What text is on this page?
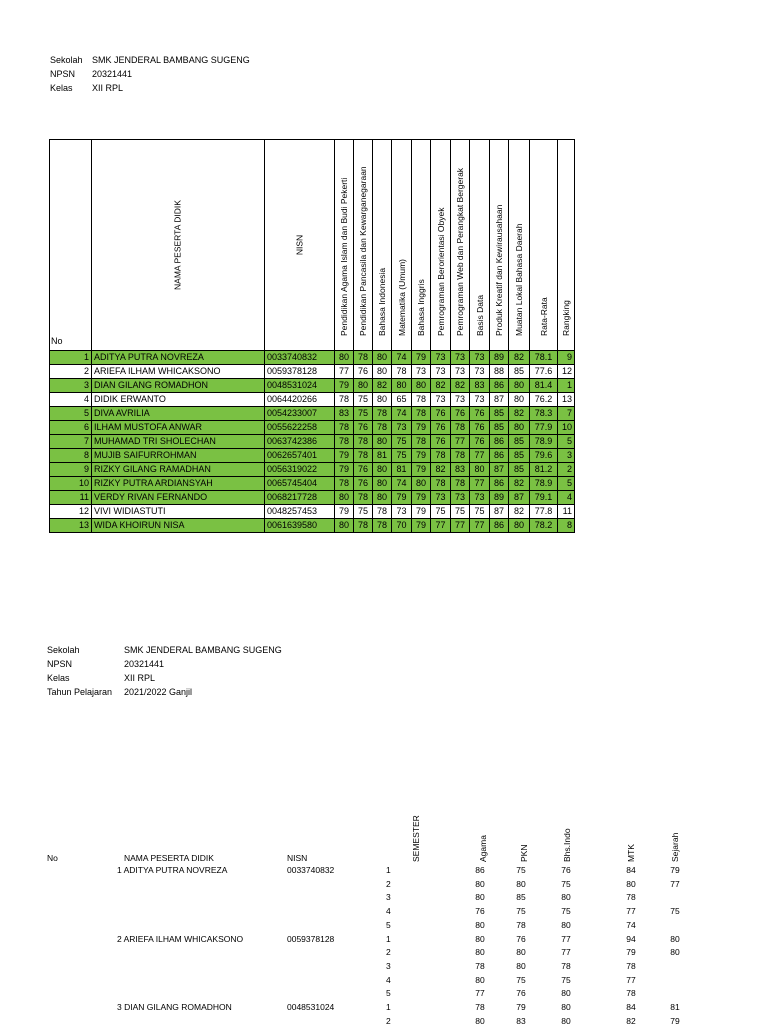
Sekolah	SMK JENDERAL BAMBANG SUGENG
NPSN	20321441
Kelas	XII RPL
No	NAMA PESERTA DIDIK	NISN	Pendidikan Agama Islam dan Budi Pekerti	Pendidikan Pancasila dan Kewarganegaraan	Bahasa Indonesia	Matematika (Umum)	Bahasa Inggris	Pemrograman Berorientasi Obyek	Pemrograman Web dan Perangkat Bergerak	Basis Data	Produk Kreatif dan Kewirausahaan	Muatan Lokal Bahasa Daerah	Rata-Rata	Rangking

1	ADITYA PUTRA NOVREZA	0033740832	80	78	80	74	79	73	73	73	89	82	78.1	9
2	ARIEFA ILHAM WHICAKSONO	0059378128	77	76	80	78	73	73	73	73	88	85	77.6	12
3	DIAN GILANG ROMADHON	0048531024	79	80	82	80	80	82	82	83	86	80	81.4	1
4	DIDIK ERWANTO	0064420266	78	75	80	65	78	73	73	73	87	80	76.2	13
5	DIVA AVRILIA	0054233007	83	75	78	74	78	76	76	76	85	82	78.3	7
6	ILHAM MUSTOFA ANWAR	0055622258	78	76	78	73	79	76	78	76	85	80	77.9	10
7	MUHAMAD TRI SHOLECHAN	0063742386	78	78	80	75	78	76	77	76	86	85	78.9	5
8	MUJIB SAIFURROHMAN	0062657401	79	78	81	75	79	78	78	77	86	85	79.6	3
9	RIZKY GILANG RAMADHAN	0056319022	79	76	80	81	79	82	83	80	87	85	81.2	2
10	RIZKY PUTRA ARDIANSYAH	0065745404	78	76	80	74	80	78	78	77	86	82	78.9	5
11	VERDY RIVAN FERNANDO	0068217728	80	78	80	79	79	73	73	73	89	87	79.1	4
12	VIVI WIDIASTUTI	0048257453	79	75	78	73	79	75	75	75	87	82	77.8	11
13	WIDA KHOIRUN NISA	0061639580	80	78	78	70	79	77	77	77	86	80	78.2	8
Sekolah	SMK JENDERAL BAMBANG SUGENG
NPSN	20321441
Kelas	XII RPL
Tahun Pelajaran	2021/2022 Ganjil
No	NAMA PESERTA DIDIK	NISN	SEMESTER	Agama	PKN	Bhs.Indo	MTK	Sejarah
1 ADITYA PUTRA NOVREZA	0033740832	1	86	75	76	84	79
2	80	80	75	80	77
3	80	85	80	78
4	76	75	75	77	75
5	80	78	80	74
2 ARIEFA ILHAM WHICAKSONO	0059378128	1	80	76	77	94	80
2	80	80	77	79	80
3	78	80	78	78
4	80	75	75	77
5	77	76	80	78
3 DIAN GILANG ROMADHON	0048531024	1	78	79	80	84	81
2	80	83	80	82	79
